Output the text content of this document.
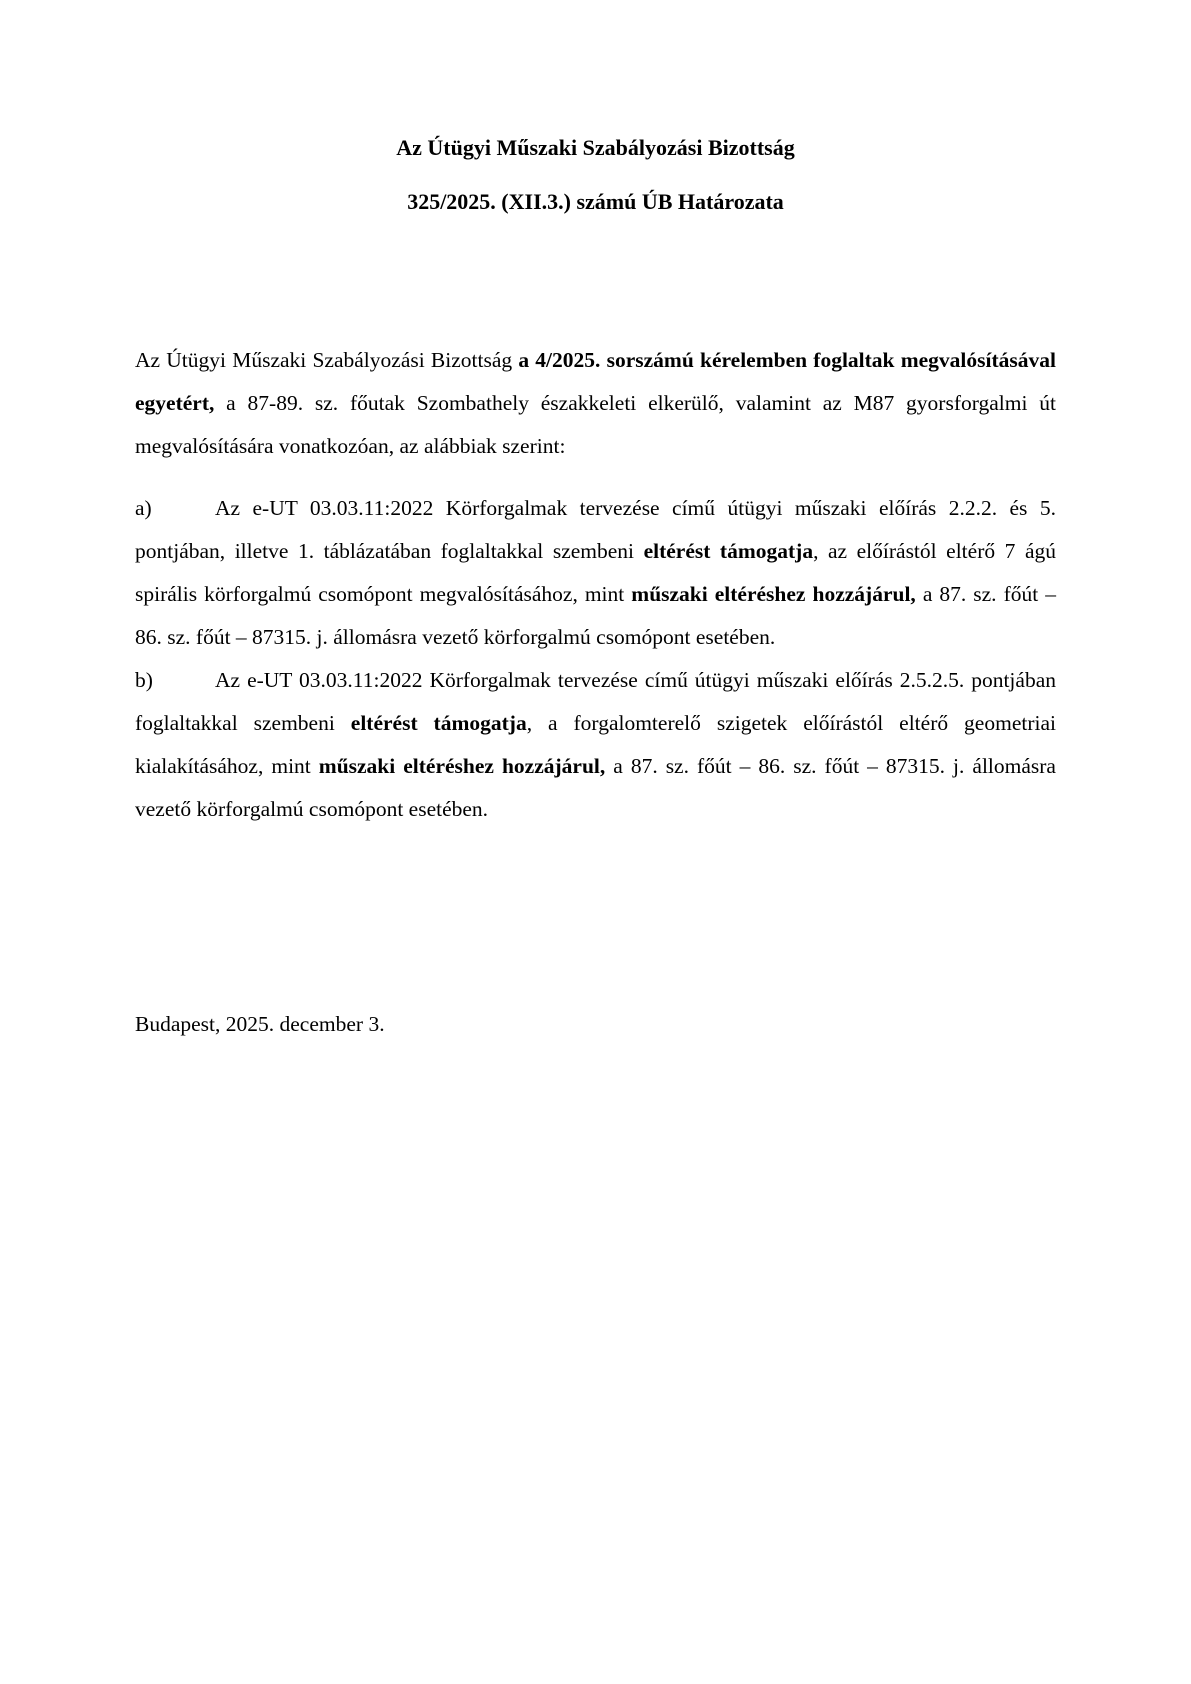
Az Útügyi Műszaki Szabályozási Bizottság
325/2025. (XII.3.) számú ÚB Határozata

Az Útügyi Műszaki Szabályozási Bizottság a 4/2025. sorszámú kérelemben foglaltak megvalósításával egyetért, a 87-89. sz. főutak Szombathely északkeleti elkerülő, valamint az M87 gyorsforgalmi út megvalósítására vonatkozóan, az alábbiak szerint:

a)	Az e-UT 03.03.11:2022 Körforgalmak tervezése című útügyi műszaki előírás 2.2.2. és 5. pontjában, illetve 1. táblázatában foglaltakkal szembeni eltérést támogatja, az előírástól eltérő 7 ágú spirális körforgalmú csomópont megvalósításához, mint műszaki eltéréshez hozzájárul, a 87. sz. főút – 86. sz. főút – 87315. j. állomásra vezető körforgalmú csomópont esetében.

b)	Az e-UT 03.03.11:2022 Körforgalmak tervezése című útügyi műszaki előírás 2.5.2.5. pontjában foglaltakkal szembeni eltérést támogatja, a forgalomterelő szigetek előírástól eltérő geometriai kialakításához, mint műszaki eltéréshez hozzájárul, a 87. sz. főút – 86. sz. főút – 87315. j. állomásra vezető körforgalmú csomópont esetében.

Budapest, 2025. december 3.
